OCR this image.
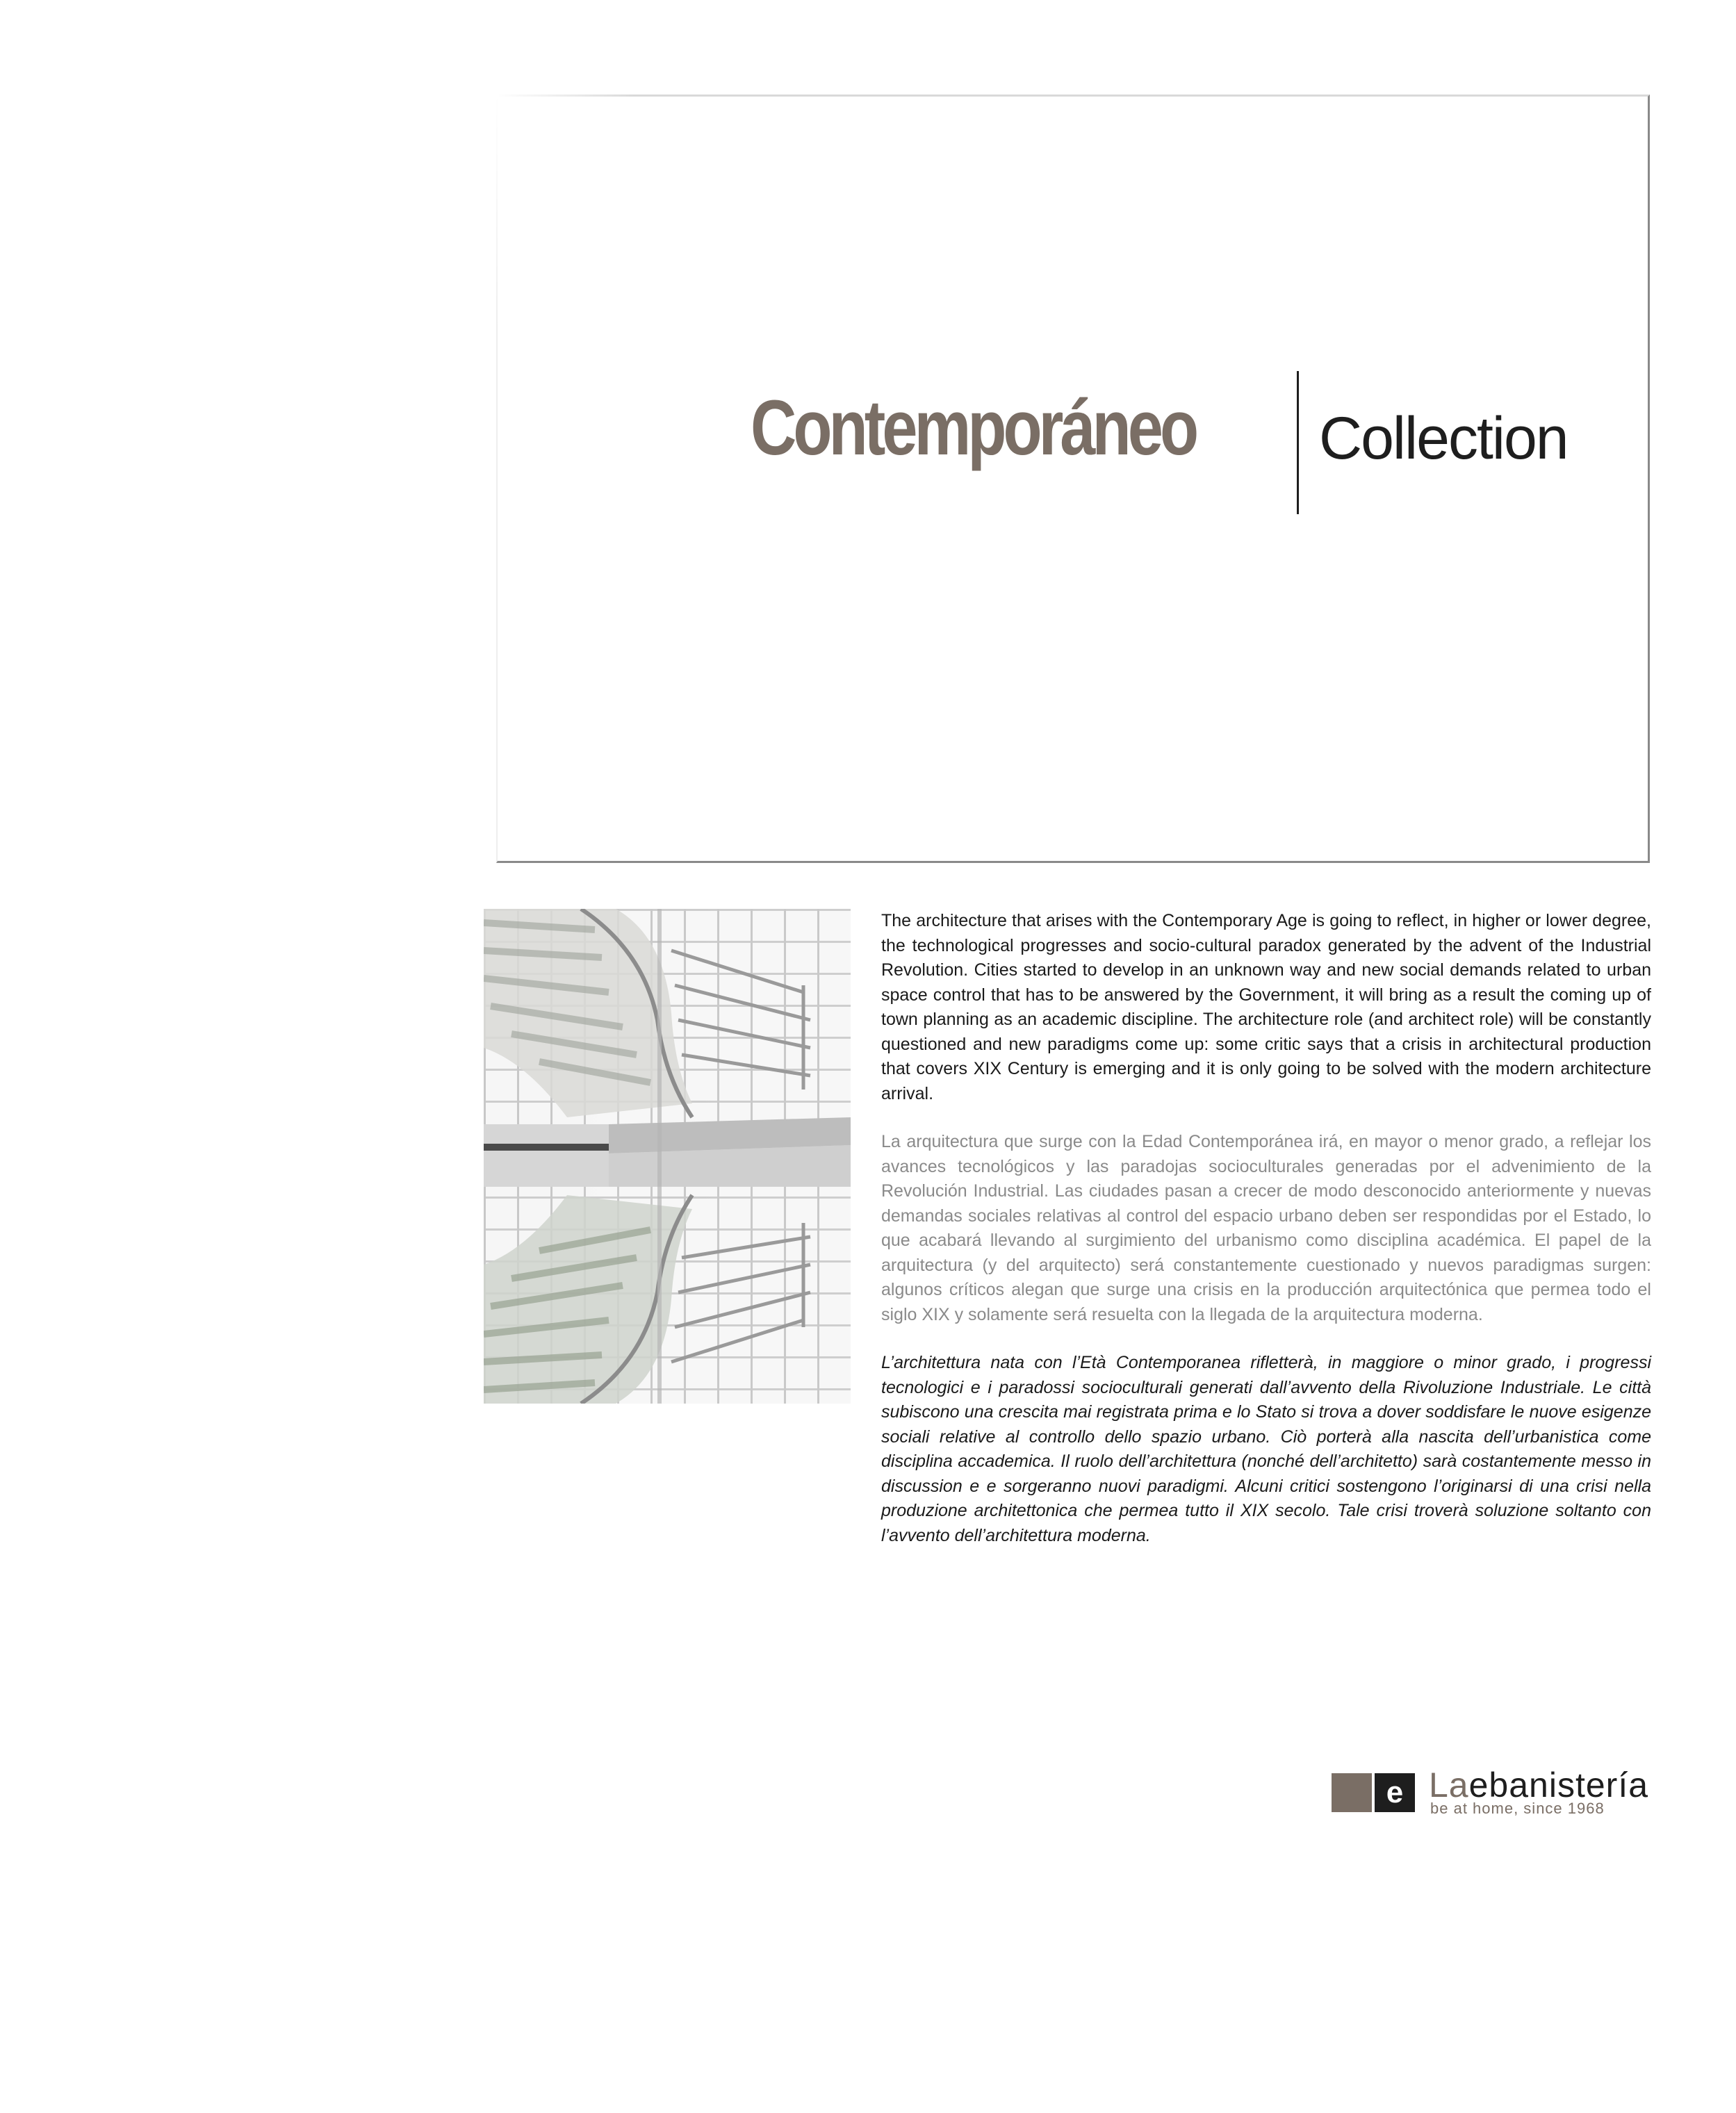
Contemporáneo Collection

The architecture that arises with the Contemporary Age is going to reflect, in higher or lower degree, the technological progresses and socio-cultural paradox generated by the advent of the Industrial Revolution. Cities started to develop in an unknown way and new social demands related to urban space control that has to be answered by the Government, it will bring as a result the coming up of town planning as an academic discipline. The architecture role (and architect role) will be constantly questioned and new paradigms come up: some critic says that a crisis in architectural production that covers XIX Century is emerging and it is only going to be solved with the modern architecture arrival.

La arquitectura que surge con la Edad Contemporánea irá, en mayor o menor grado, a reflejar los avances tecnológicos y las paradojas socioculturales generadas por el advenimiento de la Revolución Industrial. Las ciudades pasan a crecer de modo desconocido anteriormente y nuevas demandas sociales relativas al control del espacio urbano deben ser respondidas por el Estado, lo que acabará llevando al surgimiento del urbanismo como disciplina académica. El papel de la arquitectura (y del arquitecto) será constantemente cuestionado y nuevos paradigmas surgen: algunos críticos alegan que surge una crisis en la producción arquitectónica que permea todo el siglo XIX y solamente será resuelta con la llegada de la arquitectura moderna.

L’architettura nata con l’Età Contemporanea rifletterà, in maggiore o minor grado, i progressi tecnologici e i paradossi socioculturali generati dall’avvento della Rivoluzione Industriale. Le città subiscono una crescita mai registrata prima e lo Stato si trova a dover soddisfare le nuove esigenze sociali relative al controllo dello spazio urbano. Ciò porterà alla nascita dell’urbanistica come disciplina accademica. Il ruolo dell’architettura (nonché dell’architetto) sarà costantemente messo in discussion e e sorgeranno nuovi paradigmi. Alcuni critici sostengono l’originarsi di una crisi nella produzione architettonica che permea tutto il XIX secolo. Tale crisi troverà soluzione soltanto con l’avvento dell’architettura moderna.

e Laebanistería
be at home, since 1968
